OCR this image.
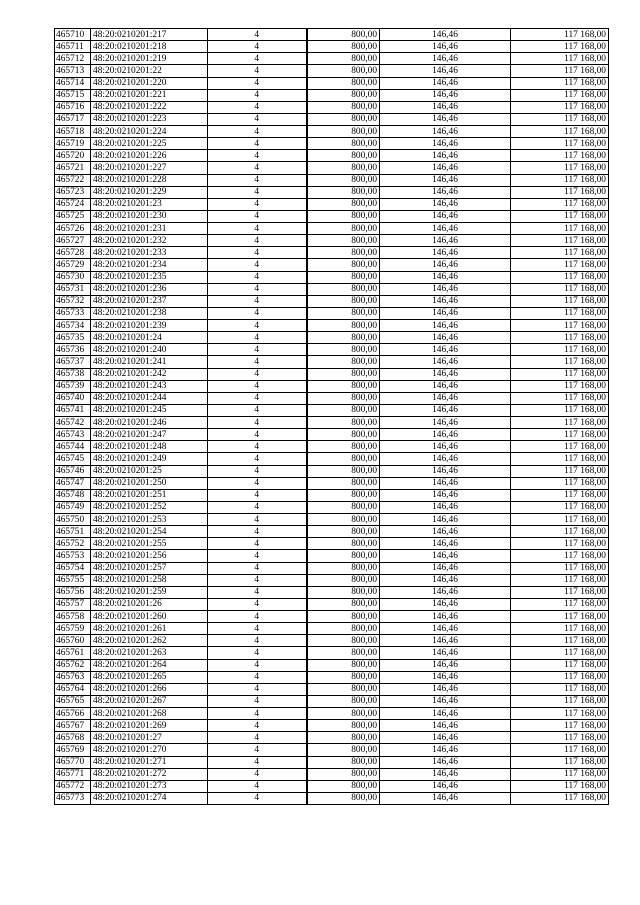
465710	48:20:0210201:217	4	800,00	146,46	117 168,00
465711	48:20:0210201:218	4	800,00	146,46	117 168,00
465712	48:20:0210201:219	4	800,00	146,46	117 168,00
465713	48:20:0210201:22	4	800,00	146,46	117 168,00
465714	48:20:0210201:220	4	800,00	146,46	117 168,00
465715	48:20:0210201:221	4	800,00	146,46	117 168,00
465716	48:20:0210201:222	4	800,00	146,46	117 168,00
465717	48:20:0210201:223	4	800,00	146,46	117 168,00
465718	48:20:0210201:224	4	800,00	146,46	117 168,00
465719	48:20:0210201:225	4	800,00	146,46	117 168,00
465720	48:20:0210201:226	4	800,00	146,46	117 168,00
465721	48:20:0210201:227	4	800,00	146,46	117 168,00
465722	48:20:0210201:228	4	800,00	146,46	117 168,00
465723	48:20:0210201:229	4	800,00	146,46	117 168,00
465724	48:20:0210201:23	4	800,00	146,46	117 168,00
465725	48:20:0210201:230	4	800,00	146,46	117 168,00
465726	48:20:0210201:231	4	800,00	146,46	117 168,00
465727	48:20:0210201:232	4	800,00	146,46	117 168,00
465728	48:20:0210201:233	4	800,00	146,46	117 168,00
465729	48:20:0210201:234	4	800,00	146,46	117 168,00
465730	48:20:0210201:235	4	800,00	146,46	117 168,00
465731	48:20:0210201:236	4	800,00	146,46	117 168,00
465732	48:20:0210201:237	4	800,00	146,46	117 168,00
465733	48:20:0210201:238	4	800,00	146,46	117 168,00
465734	48:20:0210201:239	4	800,00	146,46	117 168,00
465735	48:20:0210201:24	4	800,00	146,46	117 168,00
465736	48:20:0210201:240	4	800,00	146,46	117 168,00
465737	48:20:0210201:241	4	800,00	146,46	117 168,00
465738	48:20:0210201:242	4	800,00	146,46	117 168,00
465739	48:20:0210201:243	4	800,00	146,46	117 168,00
465740	48:20:0210201:244	4	800,00	146,46	117 168,00
465741	48:20:0210201:245	4	800,00	146,46	117 168,00
465742	48:20:0210201:246	4	800,00	146,46	117 168,00
465743	48:20:0210201:247	4	800,00	146,46	117 168,00
465744	48:20:0210201:248	4	800,00	146,46	117 168,00
465745	48:20:0210201:249	4	800,00	146,46	117 168,00
465746	48:20:0210201:25	4	800,00	146,46	117 168,00
465747	48:20:0210201:250	4	800,00	146,46	117 168,00
465748	48:20:0210201:251	4	800,00	146,46	117 168,00
465749	48:20:0210201:252	4	800,00	146,46	117 168,00
465750	48:20:0210201:253	4	800,00	146,46	117 168,00
465751	48:20:0210201:254	4	800,00	146,46	117 168,00
465752	48:20:0210201:255	4	800,00	146,46	117 168,00
465753	48:20:0210201:256	4	800,00	146,46	117 168,00
465754	48:20:0210201:257	4	800,00	146,46	117 168,00
465755	48:20:0210201:258	4	800,00	146,46	117 168,00
465756	48:20:0210201:259	4	800,00	146,46	117 168,00
465757	48:20:0210201:26	4	800,00	146,46	117 168,00
465758	48:20:0210201:260	4	800,00	146,46	117 168,00
465759	48:20:0210201:261	4	800,00	146,46	117 168,00
465760	48:20:0210201:262	4	800,00	146,46	117 168,00
465761	48:20:0210201:263	4	800,00	146,46	117 168,00
465762	48:20:0210201:264	4	800,00	146,46	117 168,00
465763	48:20:0210201:265	4	800,00	146,46	117 168,00
465764	48:20:0210201:266	4	800,00	146,46	117 168,00
465765	48:20:0210201:267	4	800,00	146,46	117 168,00
465766	48:20:0210201:268	4	800,00	146,46	117 168,00
465767	48:20:0210201:269	4	800,00	146,46	117 168,00
465768	48:20:0210201:27	4	800,00	146,46	117 168,00
465769	48:20:0210201:270	4	800,00	146,46	117 168,00
465770	48:20:0210201:271	4	800,00	146,46	117 168,00
465771	48:20:0210201:272	4	800,00	146,46	117 168,00
465772	48:20:0210201:273	4	800,00	146,46	117 168,00
465773	48:20:0210201:274	4	800,00	146,46	117 168,00
